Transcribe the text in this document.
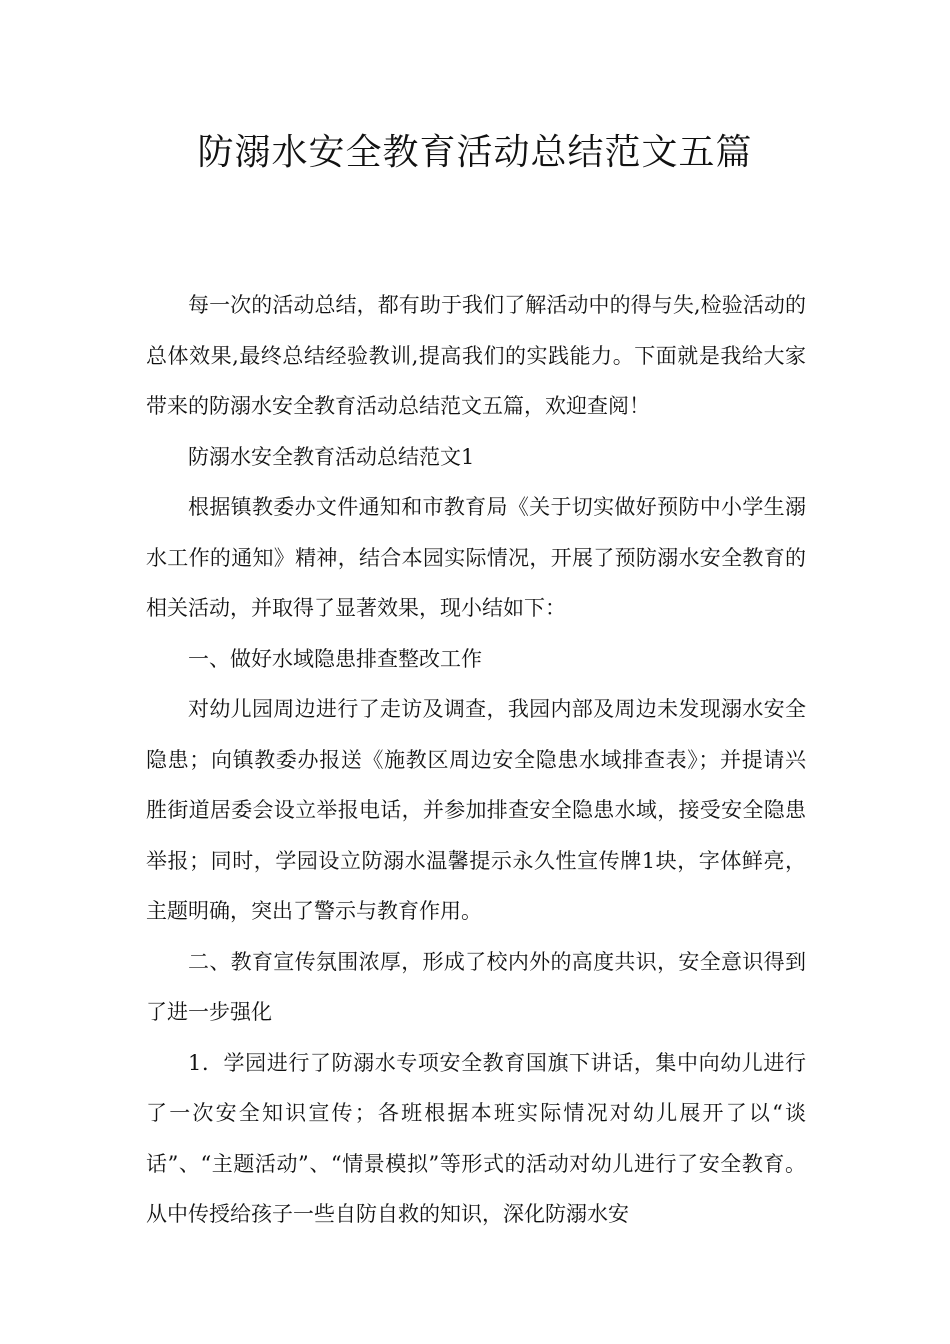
防溺水安全教育活动总结范文五篇

每一次的活动总结，都有助于我们了解活动中的得与失,检验活动的总体效果,最终总结经验教训,提高我们的实践能力。下面就是我给大家带来的防溺水安全教育活动总结范文五篇，欢迎查阅！

防溺水安全教育活动总结范文1

根据镇教委办文件通知和市教育局《关于切实做好预防中小学生溺水工作的通知》精神，结合本园实际情况，开展了预防溺水安全教育的相关活动，并取得了显著效果，现小结如下：

一、做好水域隐患排查整改工作

对幼儿园周边进行了走访及调查，我园内部及周边未发现溺水安全隐患；向镇教委办报送《施教区周边安全隐患水域排查表》；并提请兴胜街道居委会设立举报电话，并参加排查安全隐患水域，接受安全隐患举报；同时，学园设立防溺水温馨提示永久性宣传牌1块，字体鲜亮，主题明确，突出了警示与教育作用。

二、教育宣传氛围浓厚，形成了校内外的高度共识，安全意识得到了进一步强化

1．学园进行了防溺水专项安全教育国旗下讲话，集中向幼儿进行了一次安全知识宣传；各班根据本班实际情况对幼儿展开了以“谈话”、“主题活动”、“情景模拟”等形式的活动对幼儿进行了安全教育。从中传授给孩子一些自防自救的知识，深化防溺水安
